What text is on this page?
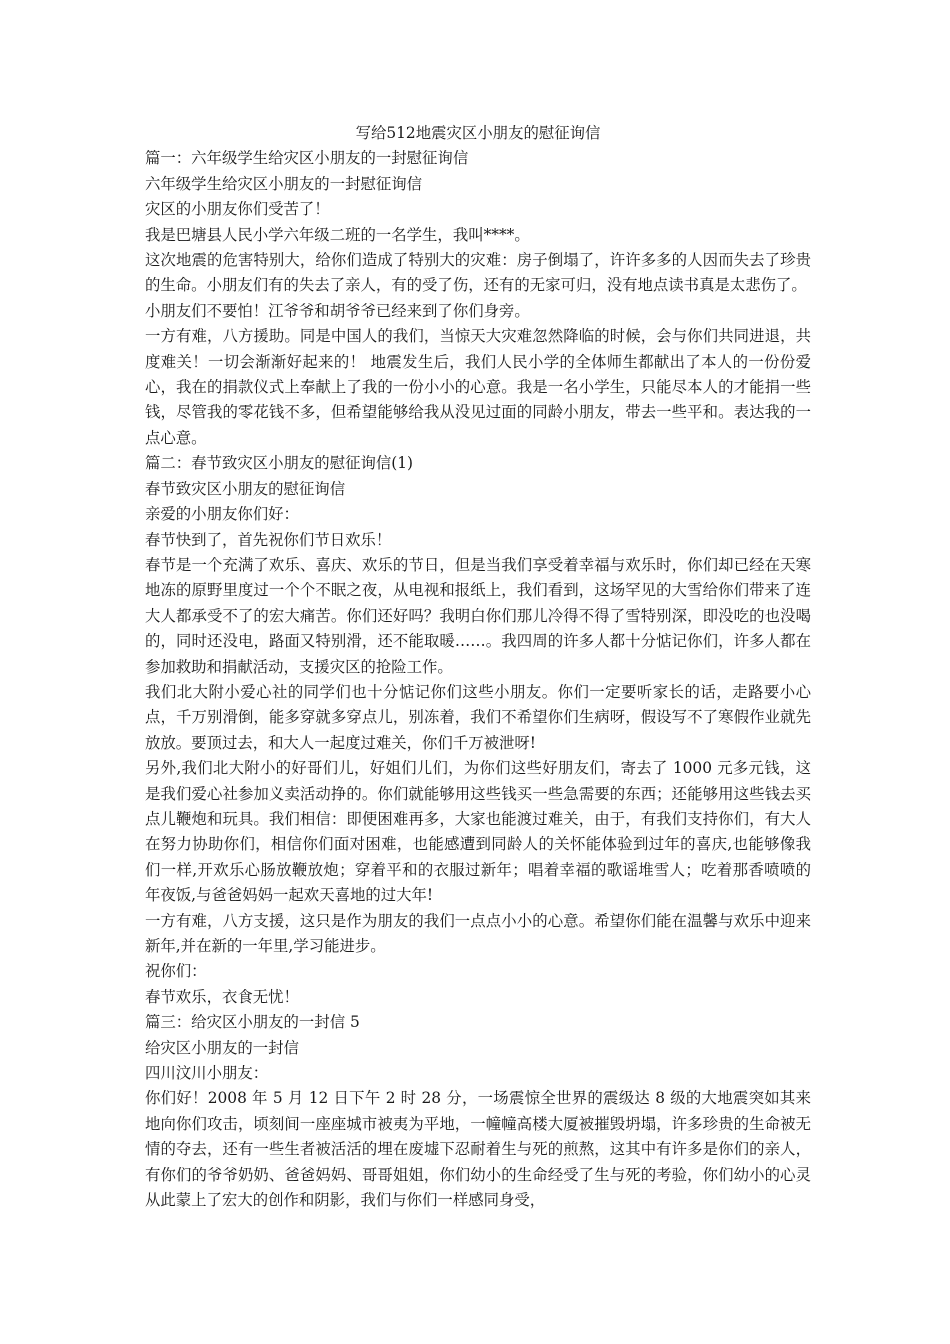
写给512地震灾区小朋友的慰征询信

篇一：六年级学生给灾区小朋友的一封慰征询信

六年级学生给灾区小朋友的一封慰征询信

灾区的小朋友你们受苦了！

我是巴塘县人民小学六年级二班的一名学生，我叫****。

这次地震的危害特别大，给你们造成了特别大的灾难：房子倒塌了，许许多多的人因而失去了珍贵的生命。小朋友们有的失去了亲人，有的受了伤，还有的无家可归，没有地点读书真是太悲伤了。

小朋友们不要怕！江爷爷和胡爷爷已经来到了你们身旁。

一方有难，八方援助。同是中国人的我们，当惊天大灾难忽然降临的时候，会与你们共同进退，共度难关！一切会渐渐好起来的！ 地震发生后，我们人民小学的全体师生都献出了本人的一份份爱心，我在的捐款仪式上奉献上了我的一份小小的心意。我是一名小学生，只能尽本人的才能捐一些钱，尽管我的零花钱不多，但希望能够给我从没见过面的同龄小朋友，带去一些平和。表达我的一点心意。

篇二：春节致灾区小朋友的慰征询信(1)

春节致灾区小朋友的慰征询信

亲爱的小朋友你们好：

春节快到了，首先祝你们节日欢乐！

春节是一个充满了欢乐、喜庆、欢乐的节日，但是当我们享受着幸福与欢乐时，你们却已经在天寒地冻的原野里度过一个个不眠之夜，从电视和报纸上，我们看到，这场罕见的大雪给你们带来了连大人都承受不了的宏大痛苦。你们还好吗？我明白你们那儿冷得不得了雪特别深，即没吃的也没喝的，同时还没电，路面又特别滑，还不能取暖……。我四周的许多人都十分惦记你们，许多人都在参加救助和捐献活动，支援灾区的抢险工作。

我们北大附小爱心社的同学们也十分惦记你们这些小朋友。你们一定要听家长的话，走路要小心点，千万别滑倒，能多穿就多穿点儿，别冻着，我们不希望你们生病呀，假设写不了寒假作业就先放放。要顶过去，和大人一起度过难关，你们千万被泄呀!

另外,我们北大附小的好哥们儿，好姐们儿们，为你们这些好朋友们，寄去了 1000 元多元钱，这是我们爱心社参加义卖活动挣的。你们就能够用这些钱买一些急需要的东西；还能够用这些钱去买点儿鞭炮和玩具。我们相信：即便困难再多，大家也能渡过难关，由于，有我们支持你们，有大人在努力协助你们，相信你们面对困难，也能感遭到同龄人的关怀能体验到过年的喜庆,也能够像我们一样,开欢乐心肠放鞭放炮；穿着平和的衣服过新年；唱着幸福的歌谣堆雪人；吃着那香喷喷的年夜饭,与爸爸妈妈一起欢天喜地的过大年!

一方有难，八方支援，这只是作为朋友的我们一点点小小的心意。希望你们能在温馨与欢乐中迎来新年,并在新的一年里,学习能进步。

祝你们：

春节欢乐，衣食无忧！

篇三：给灾区小朋友的一封信 5

给灾区小朋友的一封信

四川汶川小朋友：

你们好！2008 年 5 月 12 日下午 2 时 28 分，一场震惊全世界的震级达 8 级的大地震突如其来地向你们攻击，顷刻间一座座城市被夷为平地，一幢幢高楼大厦被摧毁坍塌，许多珍贵的生命被无情的夺去，还有一些生者被活活的埋在废墟下忍耐着生与死的煎熬，这其中有许多是你们的亲人，有你们的爷爷奶奶、爸爸妈妈、哥哥姐姐，你们幼小的生命经受了生与死的考验，你们幼小的心灵从此蒙上了宏大的创作和阴影，我们与你们一样感同身受，
